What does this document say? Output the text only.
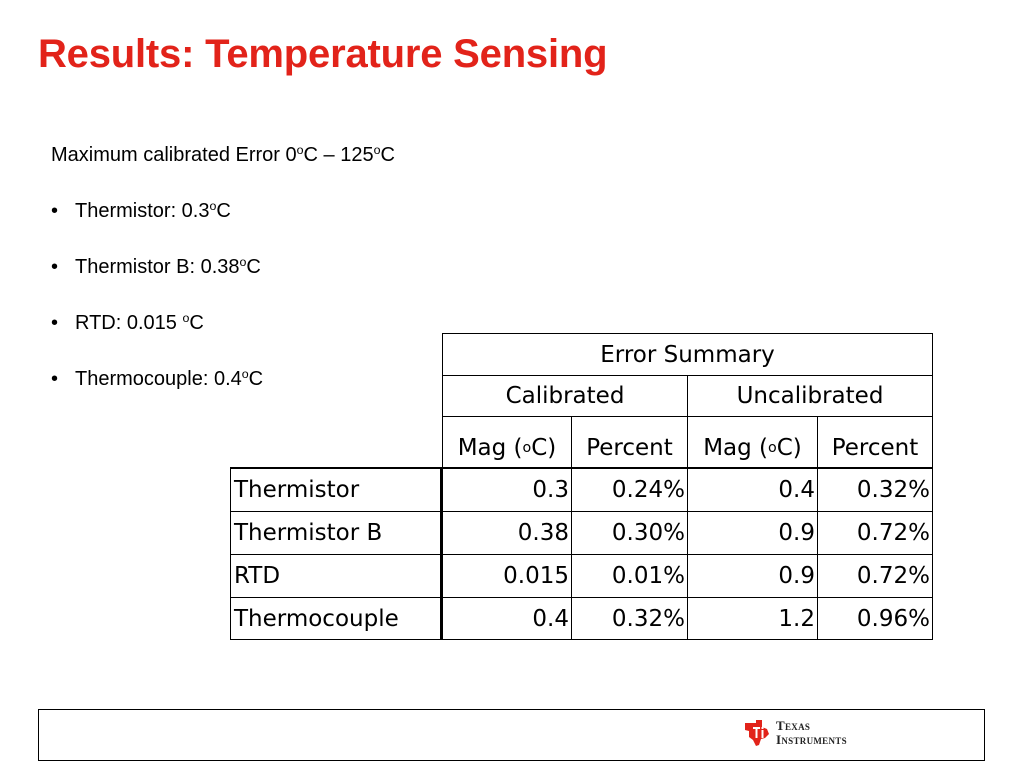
Results: Temperature Sensing
Maximum calibrated Error 0$^o$C – 125$^o$C
• Thermistor: 0.3$^o$C
• Thermistor B: 0.38$^o$C
• RTD: 0.015 $^o$C
• Thermocouple: 0.4$^o$C
Error Summary
Calibrated	Uncalibrated
Mag ( o C)	Percent	Mag ( o C)	Percent
Thermistor	0.3	0.24%	0.4	0.32%
Thermistor B	0.38	0.30%	0.9	0.72%
RTD	0.015	0.01%	0.9	0.72%
Thermocouple	0.4	0.32%	1.2	0.96%
Texas
Instruments
